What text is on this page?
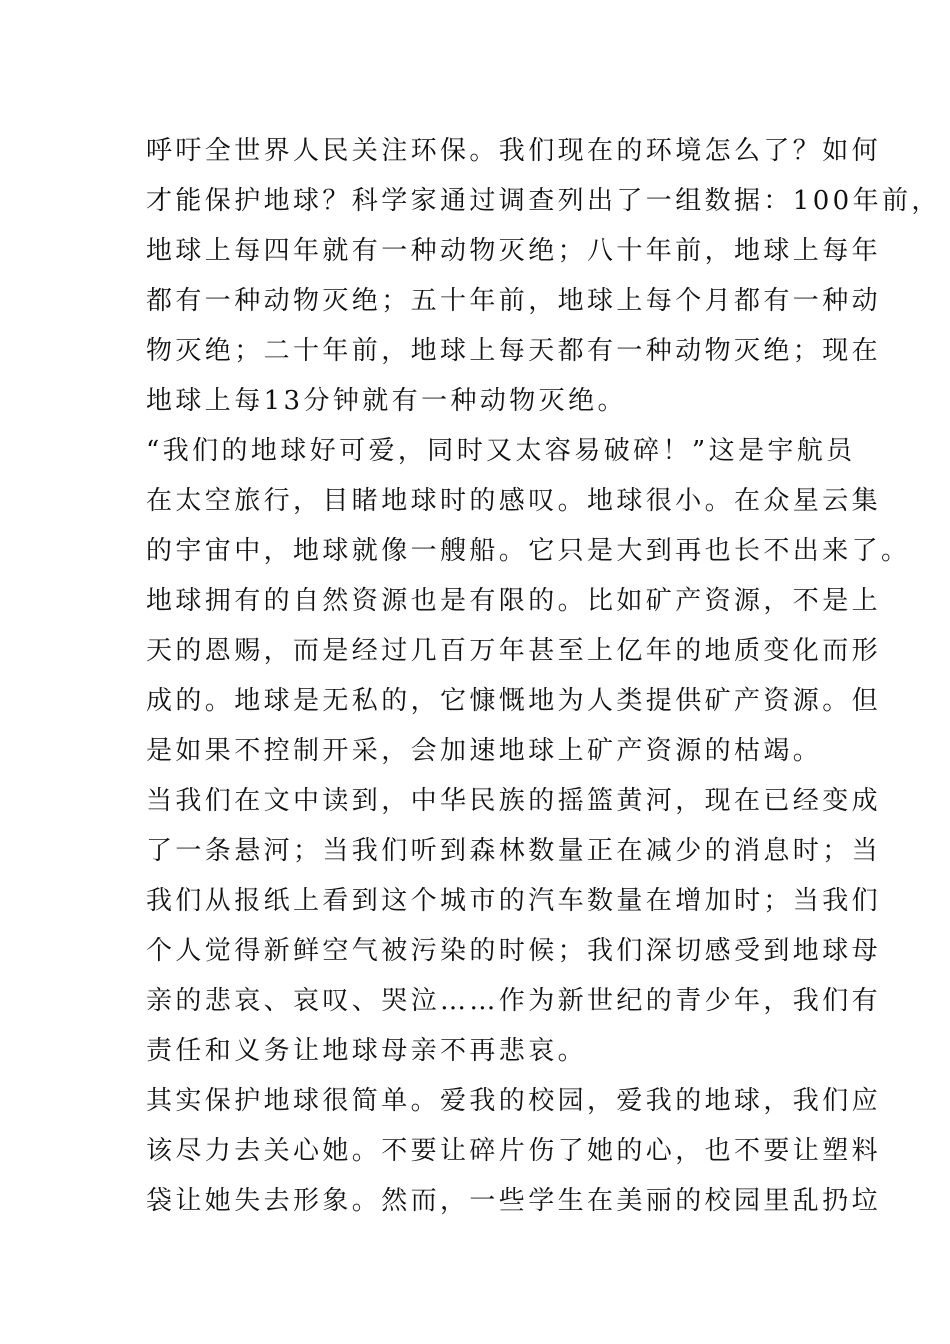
呼吁全世界人民关注环保。我们现在的环境怎么了？如何
才能保护地球？科学家通过调查列出了一组数据：100年前，
地球上每四年就有一种动物灭绝；八十年前，地球上每年
都有一种动物灭绝；五十年前，地球上每个月都有一种动
物灭绝；二十年前，地球上每天都有一种动物灭绝；现在
地球上每13分钟就有一种动物灭绝。
“我们的地球好可爱，同时又太容易破碎！”这是宇航员
在太空旅行，目睹地球时的感叹。地球很小。在众星云集
的宇宙中，地球就像一艘船。它只是大到再也长不出来了。
地球拥有的自然资源也是有限的。比如矿产资源，不是上
天的恩赐，而是经过几百万年甚至上亿年的地质变化而形
成的。地球是无私的，它慷慨地为人类提供矿产资源。但
是如果不控制开采，会加速地球上矿产资源的枯竭。
当我们在文中读到，中华民族的摇篮黄河，现在已经变成
了一条悬河；当我们听到森林数量正在减少的消息时；当
我们从报纸上看到这个城市的汽车数量在增加时；当我们
个人觉得新鲜空气被污染的时候；我们深切感受到地球母
亲的悲哀、哀叹、哭泣……作为新世纪的青少年，我们有
责任和义务让地球母亲不再悲哀。
其实保护地球很简单。爱我的校园，爱我的地球，我们应
该尽力去关心她。不要让碎片伤了她的心，也不要让塑料
袋让她失去形象。然而，一些学生在美丽的校园里乱扔垃
